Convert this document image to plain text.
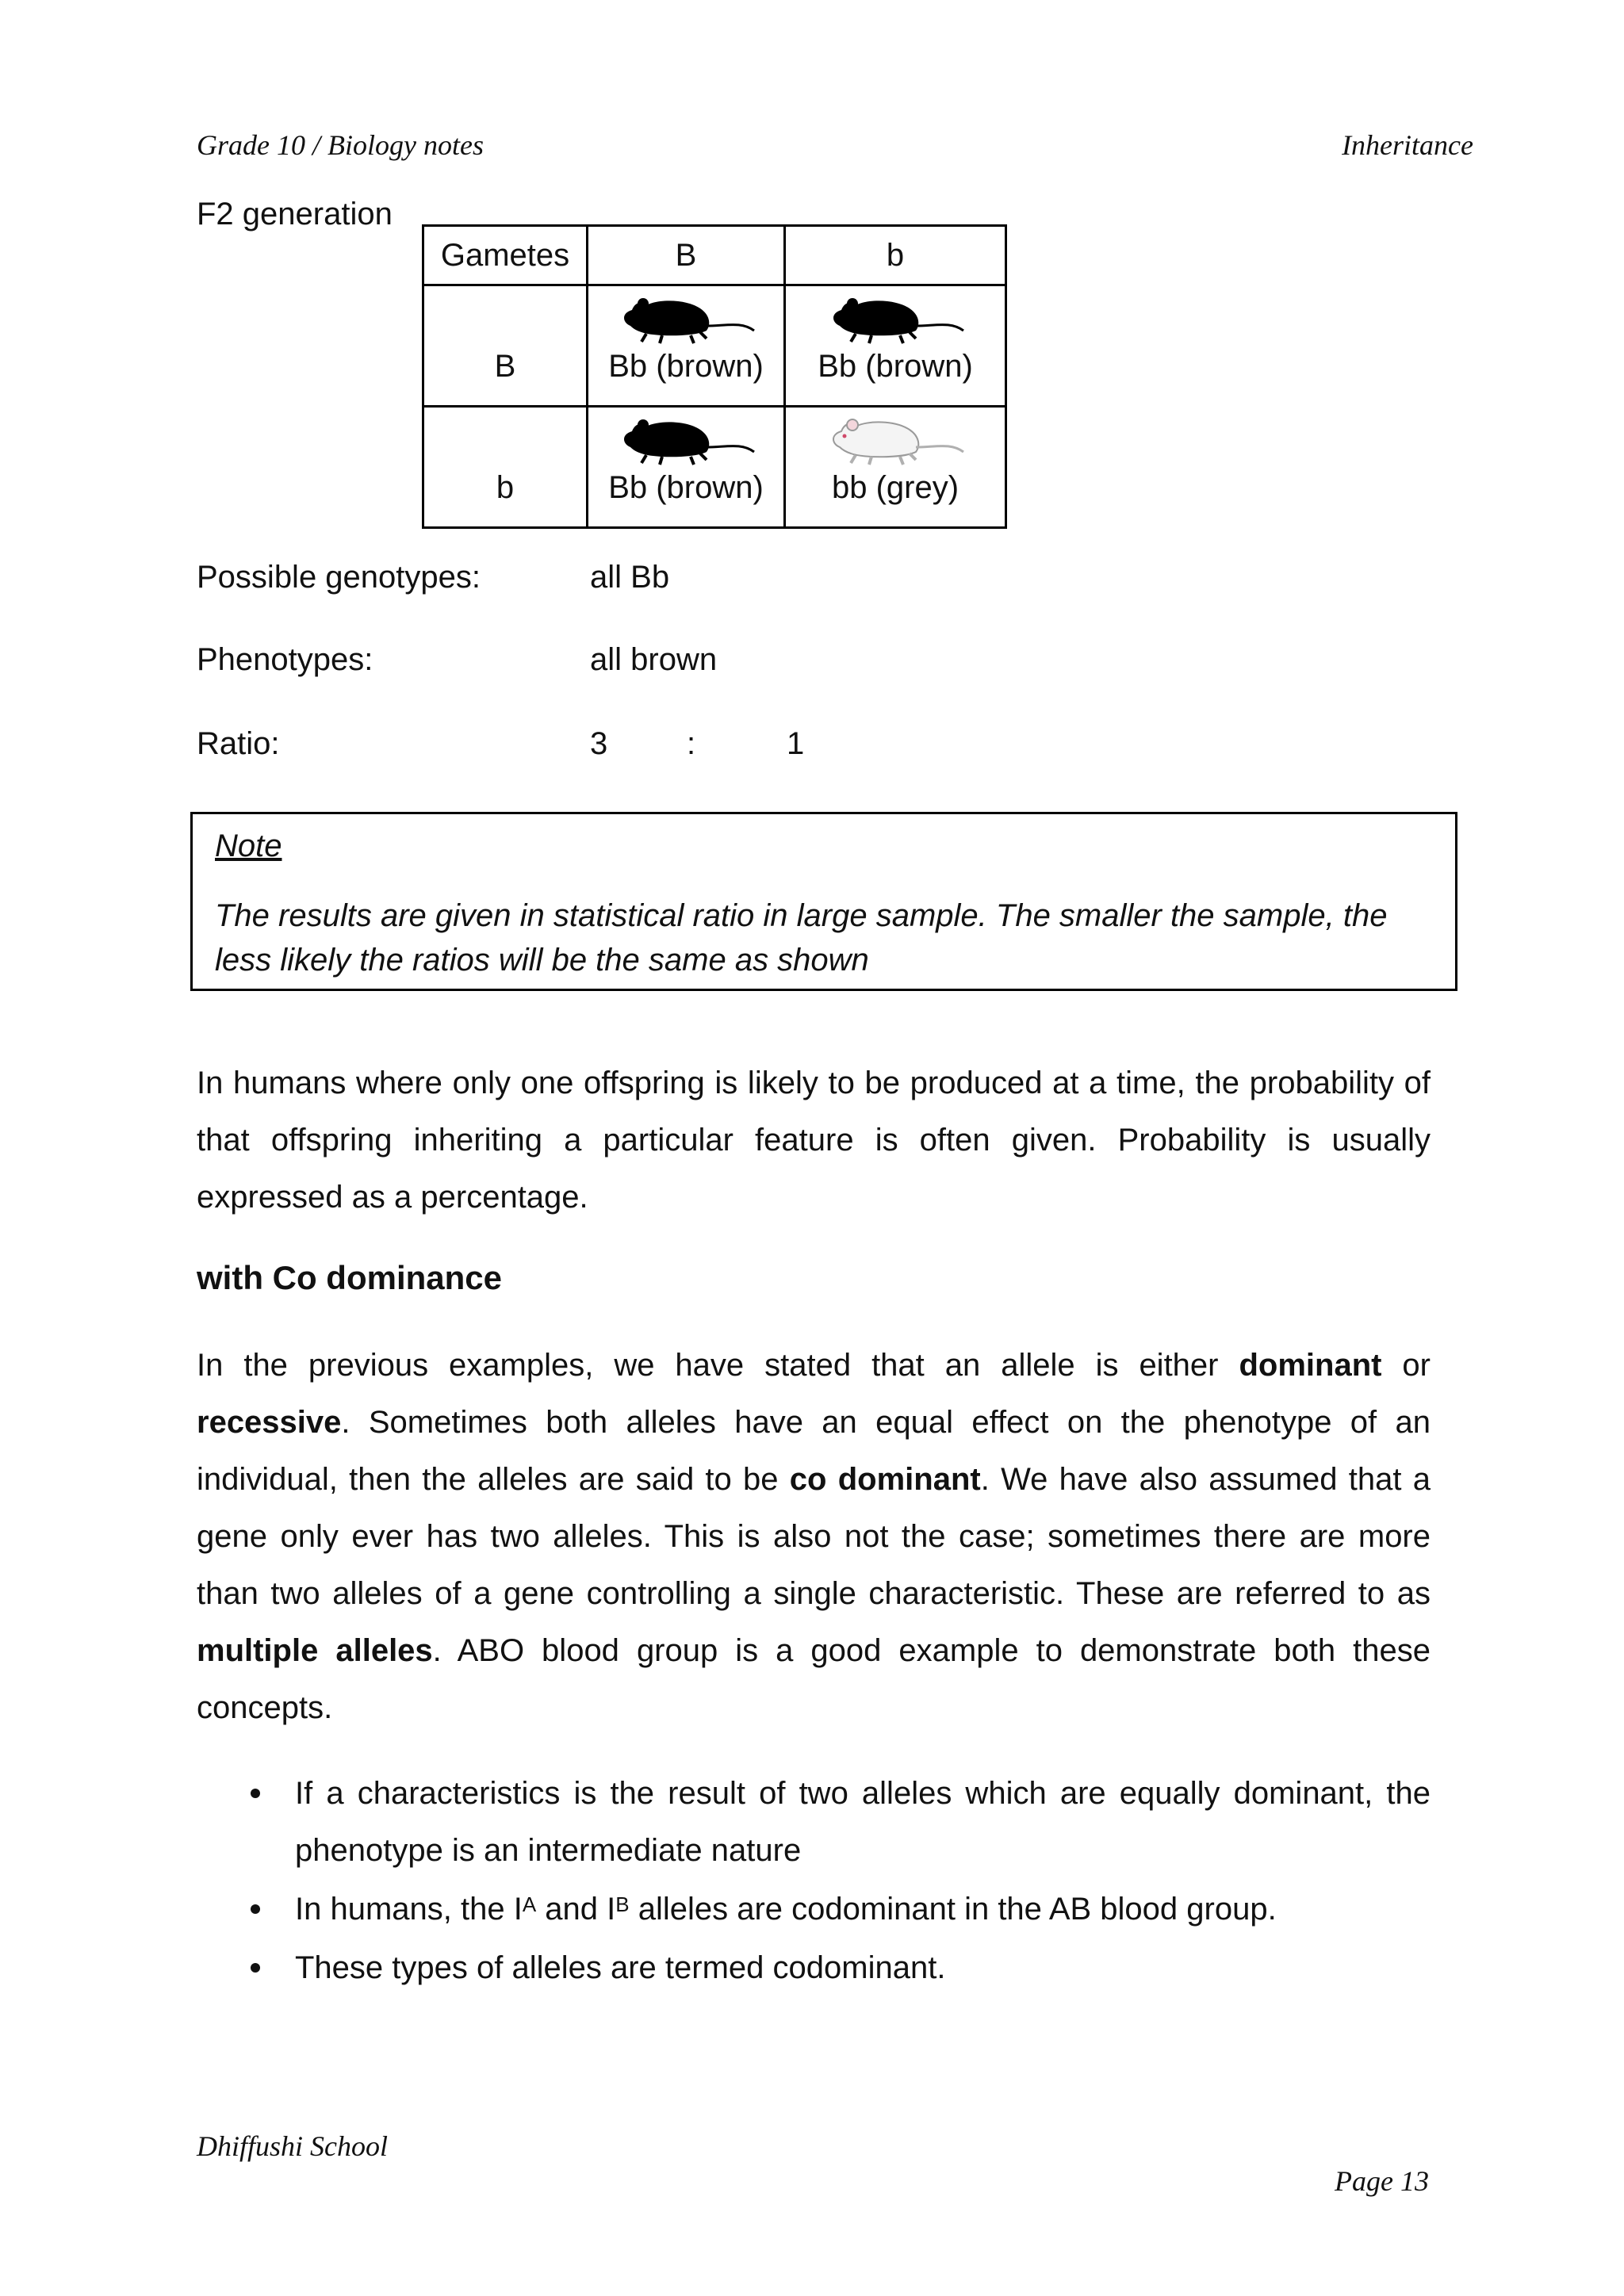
Grade 10 / Biology notes	Inheritance
F2 generation
Gametes	B	b

B	Bb (brown)	Bb (brown)

b	Bb (brown)	bb (grey)
Possible genotypes:	all Bb
Phenotypes:	all brown
Ratio:	3 :	1
Note
The results are given in statistical ratio in large sample. The smaller the sample, the less likely the ratios will be the same as shown
In humans where only one offspring is likely to be produced at a time, the probability of that offspring inheriting a particular feature is often given. Probability is usually expressed as a percentage.
with Co dominance
In the previous examples, we have stated that an allele is either dominant or recessive. Sometimes both alleles have an equal effect on the phenotype of an individual, then the alleles are said to be co dominant. We have also assumed that a gene only ever has two alleles. This is also not the case; sometimes there are more than two alleles of a gene controlling a single characteristic. These are referred to as multiple alleles. ABO blood group is a good example to demonstrate both these concepts.
If a characteristics is the result of two alleles which are equally dominant, the phenotype is an intermediate nature
In humans, the $I^A$ and $I^B$ alleles are codominant in the AB blood group.
These types of alleles are termed codominant.
Dhiffushi School
Page 13
